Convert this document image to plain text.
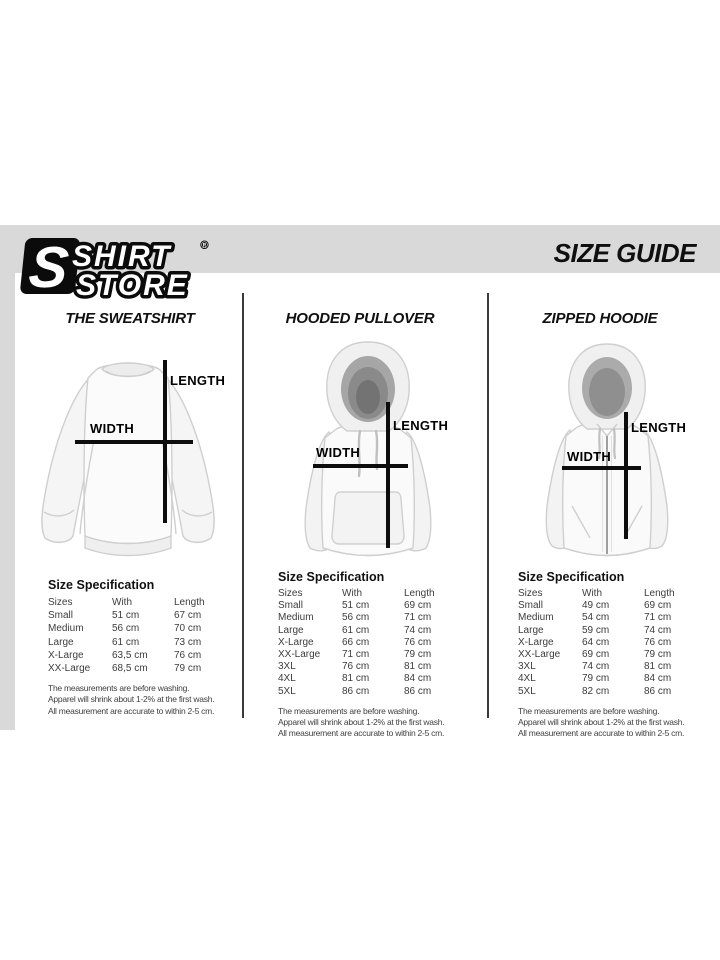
S SHIRT
STORE
®	SIZE GUIDE
THE SWEATSHIRT
LENGTH
WIDTH
Size Specification
Sizes	With	Length
Small	51 cm	67 cm
Medium	56 cm	70 cm
Large	61 cm	73 cm
X-Large	63,5 cm	76 cm
XX-Large	68,5 cm	79 cm
The measurements are before washing.
Apparel will shrink about 1-2% at the first wash.
All measurement are accurate to within 2-5 cm.
HOODED PULLOVER
LENGTH
WIDTH
Size Specification
Sizes	With	Length
Small	51 cm	69 cm
Medium	56 cm	71 cm
Large	61 cm	74 cm
X-Large	66 cm	76 cm
XX-Large	71 cm	79 cm
3XL	76 cm	81 cm
4XL	81 cm	84 cm
5XL	86 cm	86 cm
The measurements are before washing.
Apparel will shrink about 1-2% at the first wash.
All measurement are accurate to within 2-5 cm.
ZIPPED HOODIE
LENGTH
WIDTH
Size Specification
Sizes	With	Length
Small	49 cm	69 cm
Medium	54 cm	71 cm
Large	59 cm	74 cm
X-Large	64 cm	76 cm
XX-Large	69 cm	79 cm
3XL	74 cm	81 cm
4XL	79 cm	84 cm
5XL	82 cm	86 cm
The measurements are before washing.
Apparel will shrink about 1-2% at the first wash.
All measurement are accurate to within 2-5 cm.
